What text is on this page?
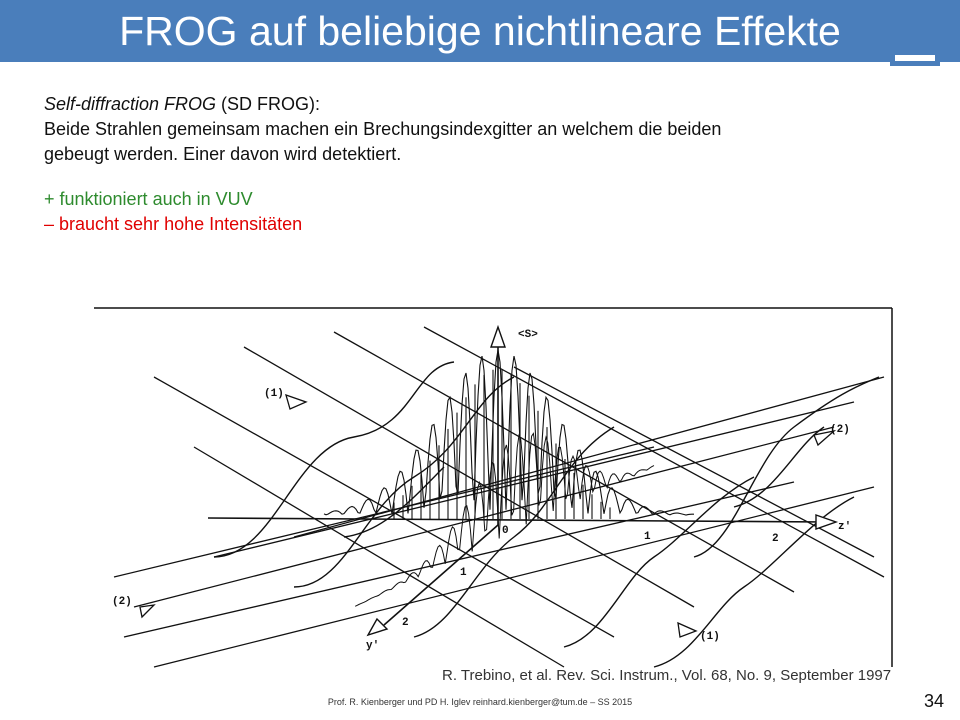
FROG auf beliebige nichtlineare Effekte

Self-diffraction FROG (SD FROG):

Beide Strahlen gemeinsam machen ein Brechungsindexgitter an welchem die beiden

gebeugt werden. Einer davon wird detektiert.

+ funktioniert auch in VUV

– braucht sehr hohe Intensitäten

<S>
(1)
(2)
(2)
(1)
z'
y'
0	1	2
1
2
R. Trebino, et al. Rev. Sci. Instrum., Vol. 68, No. 9, September 1997
Prof. R. Kienberger und PD H. Iglev reinhard.kienberger@tum.de – SS 2015	34
